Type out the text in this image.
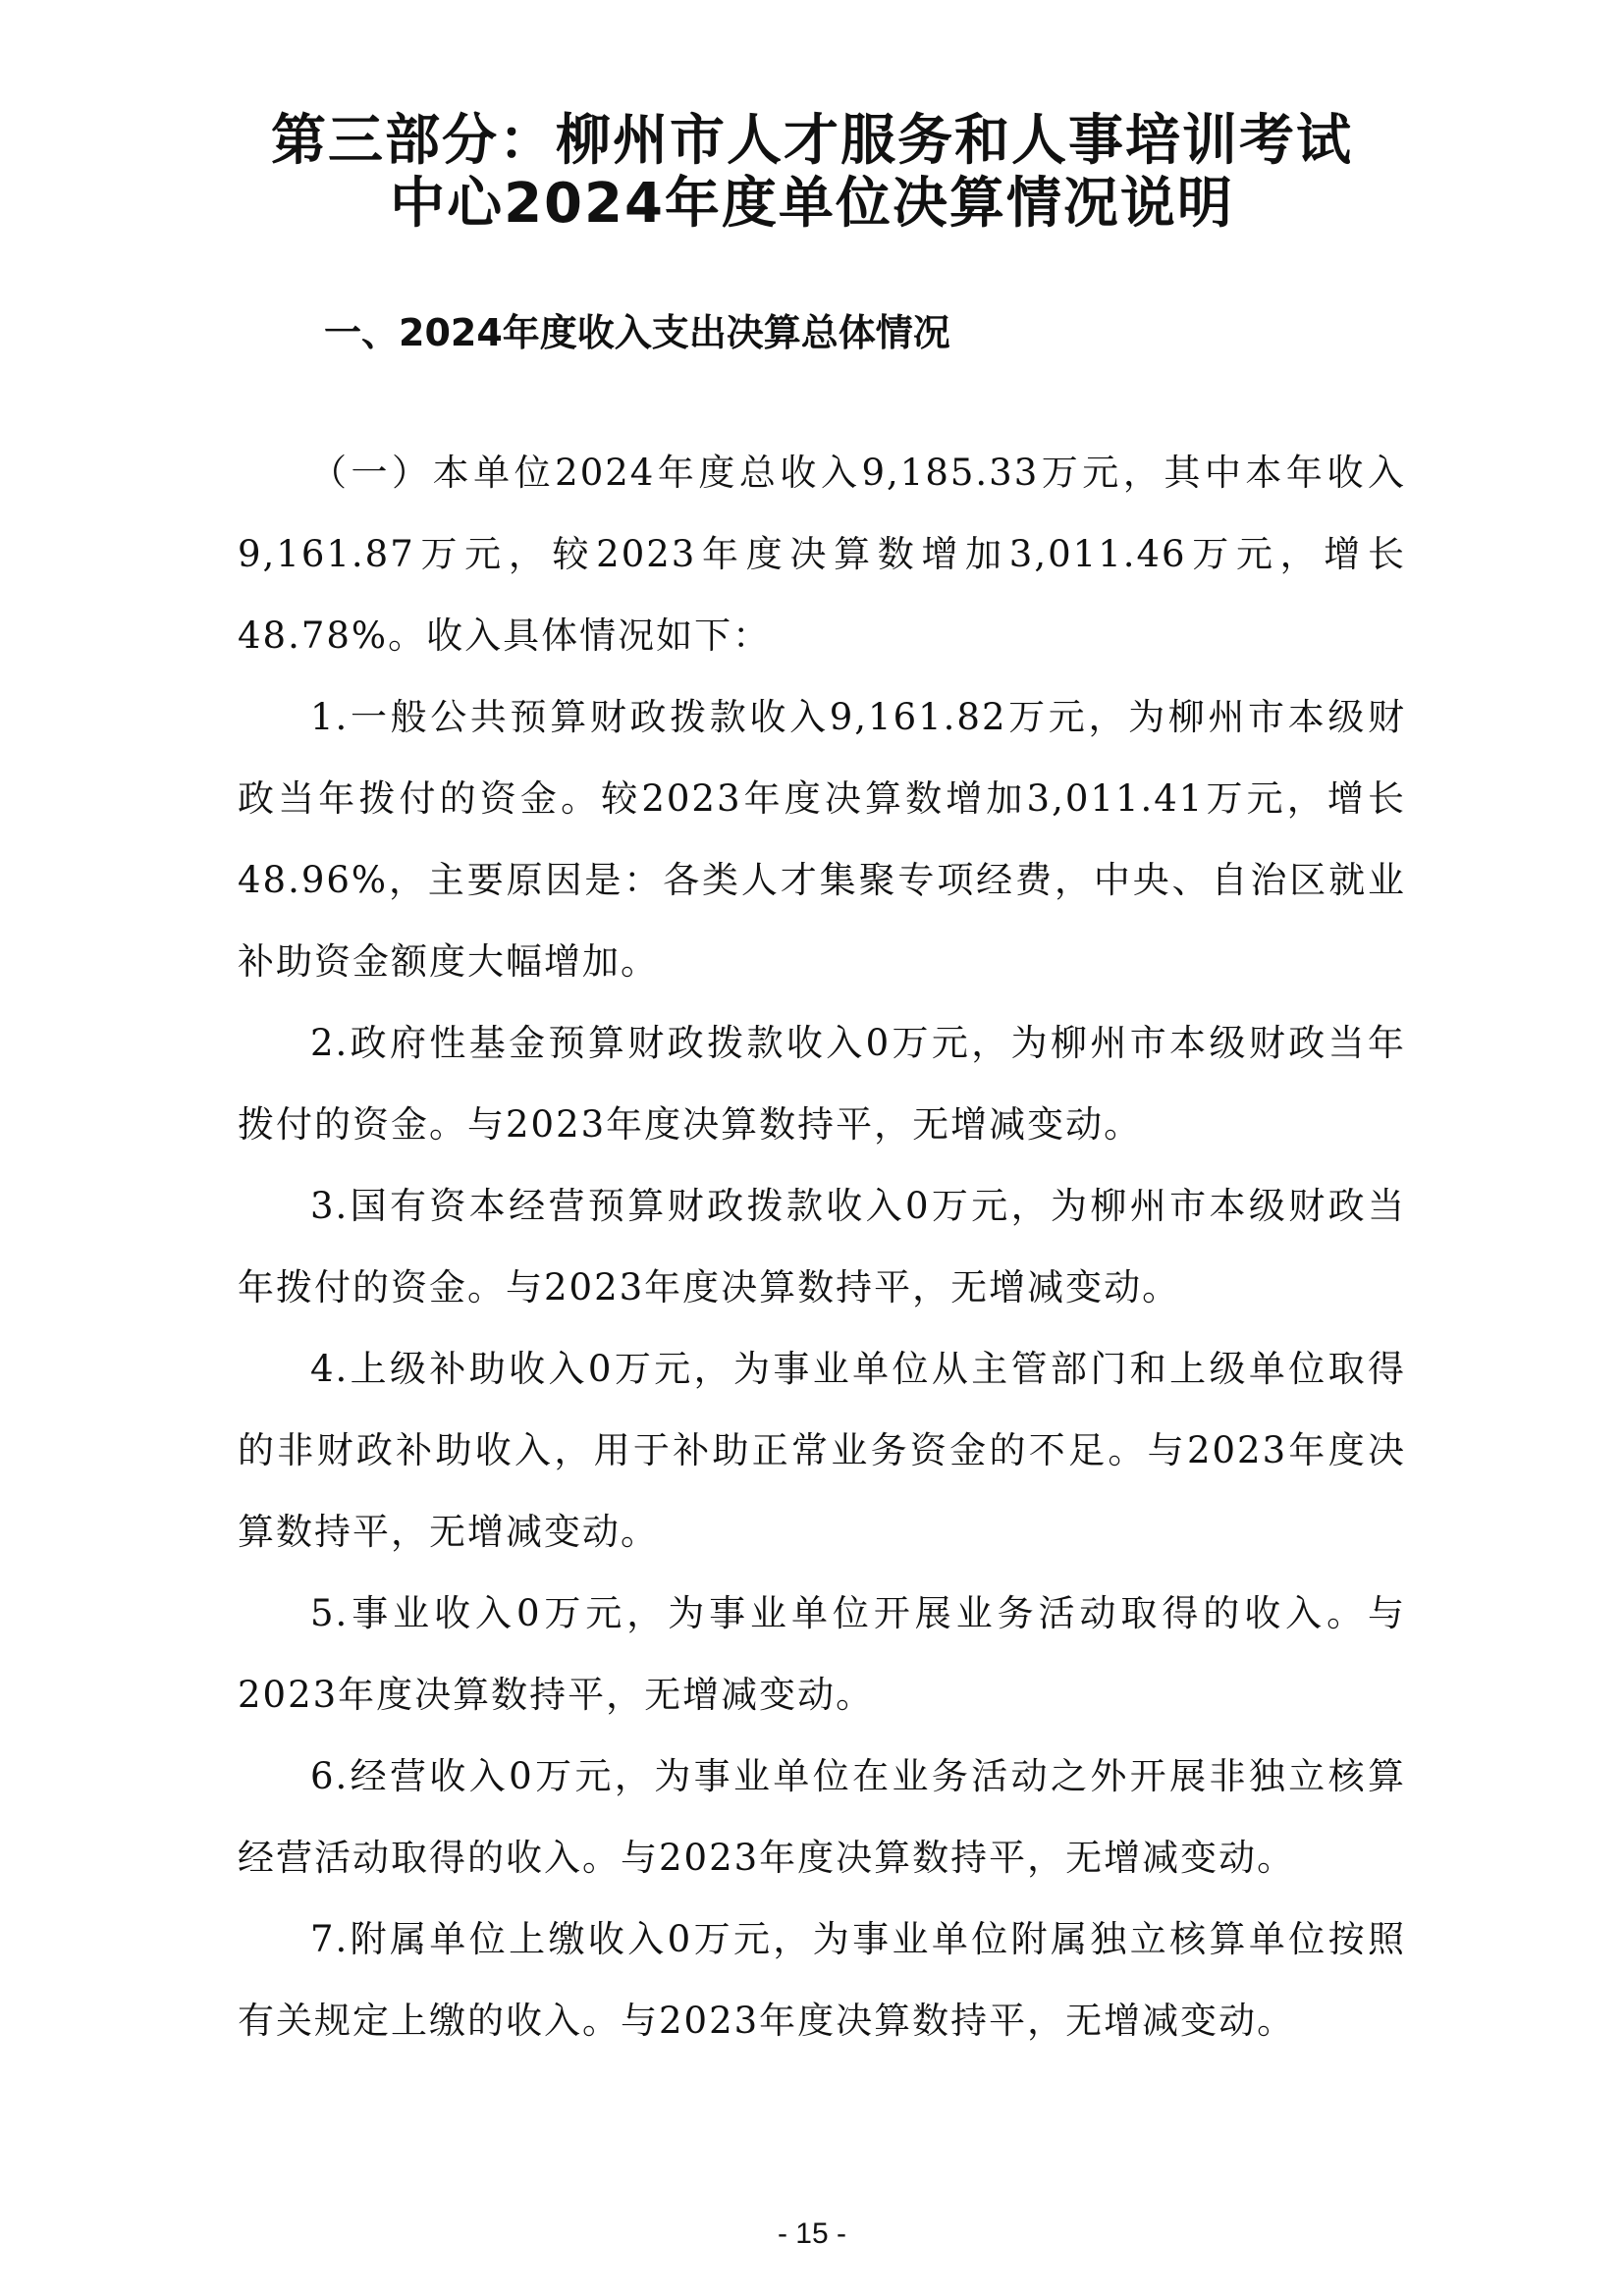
第三部分：柳州市人才服务和人事培训考试
中心2024年度单位决算情况说明
一、2024年度收入支出决算总体情况

（一）本单位2024年度总收入9,185.33万元，其中本年收入9,161.87万元，较2023年度决算数增加3,011.46万元，增长48.78%。收入具体情况如下：

1.一般公共预算财政拨款收入9,161.82万元，为柳州市本级财政当年拨付的资金。较2023年度决算数增加3,011.41万元，增长48.96%，主要原因是：各类人才集聚专项经费，中央、自治区就业补助资金额度大幅增加。

2.政府性基金预算财政拨款收入0万元，为柳州市本级财政当年拨付的资金。与2023年度决算数持平，无增减变动。

3.国有资本经营预算财政拨款收入0万元，为柳州市本级财政当年拨付的资金。与2023年度决算数持平，无增减变动。

4.上级补助收入0万元，为事业单位从主管部门和上级单位取得的非财政补助收入，用于补助正常业务资金的不足。与2023年度决算数持平，无增减变动。

5.事业收入0万元，为事业单位开展业务活动取得的收入。与2023年度决算数持平，无增减变动。

6.经营收入0万元，为事业单位在业务活动之外开展非独立核算经营活动取得的收入。与2023年度决算数持平，无增减变动。

7.附属单位上缴收入0万元，为事业单位附属独立核算单位按照有关规定上缴的收入。与2023年度决算数持平，无增减变动。

- 15 -
